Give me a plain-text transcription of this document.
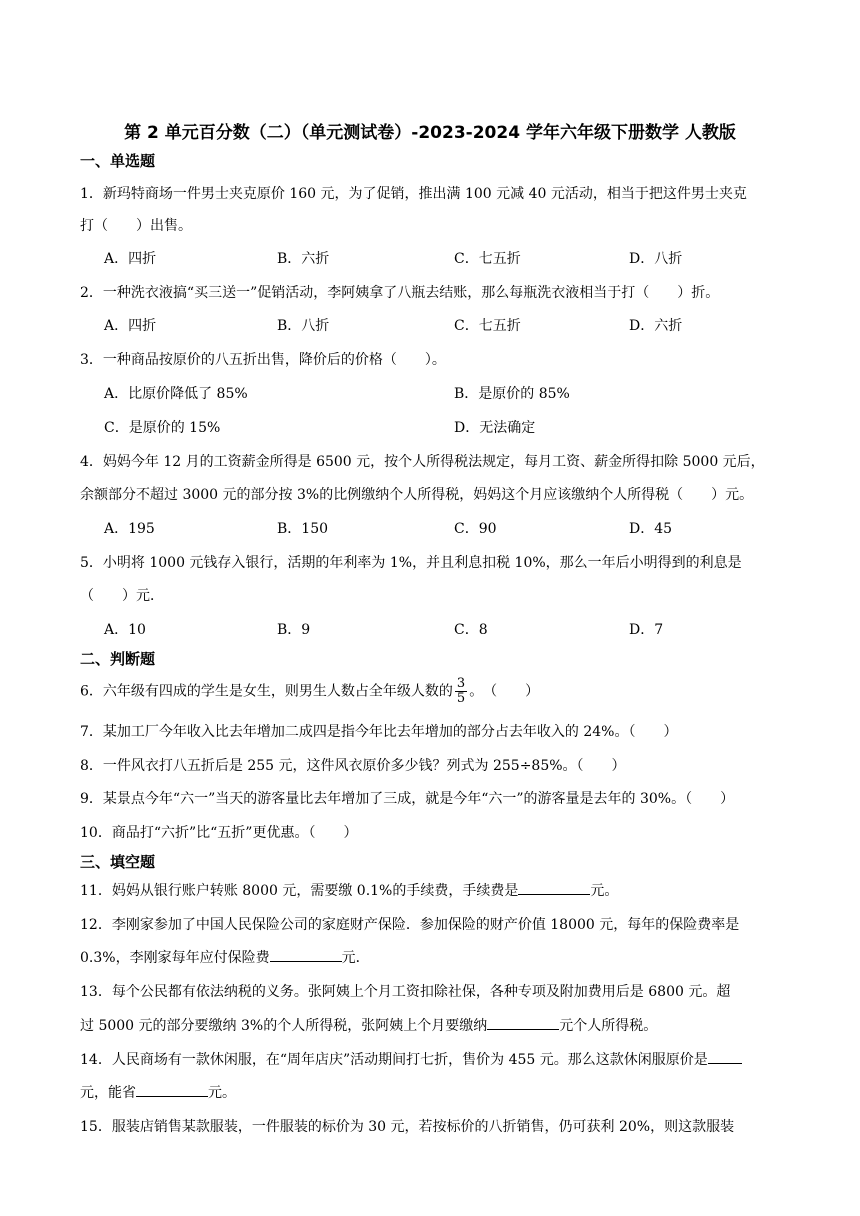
第 2 单元百分数（二）（单元测试卷）-2023-2024 学年六年级下册数学 人教版
一、单选题
1．新玛特商场一件男士夹克原价 160 元，为了促销，推出满 100 元减 40 元活动，相当于把这件男士夹克
打（　　）出售。
A．四折	B．六折	C．七五折	D．八折
2．一种洗衣液搞“买三送一”促销活动，李阿姨拿了八瓶去结账，那么每瓶洗衣液相当于打（　　）折。
A．四折	B．八折	C．七五折	D．六折
3．一种商品按原价的八五折出售，降价后的价格（　　）。
A．比原价降低了 85%	B．是原价的 85%
C．是原价的 15%	D．无法确定
4．妈妈今年 12 月的工资薪金所得是 6500 元，按个人所得税法规定，每月工资、薪金所得扣除 5000 元后，
余额部分不超过 3000 元的部分按 3%的比例缴纳个人所得税，妈妈这个月应该缴纳个人所得税（　　）元。
A．195	B．150	C．90	D．45
5．小明将 1000 元钱存入银行，活期的年利率为 1%，并且利息扣税 10%，那么一年后小明得到的利息是
（　　）元．
A．10	B．9	C．8	D．7
二、判断题
6．六年级有四成的学生是女生，则男生人数占全年级人数的 $\frac{3}{5}$ 。　（　　）
7．某加工厂今年收入比去年增加二成四是指今年比去年增加的部分占去年收入的 24%。（　　）
8．一件风衣打八五折后是 255 元，这件风衣原价多少钱？列式为 255÷85%。（　　）
9．某景点今年“六一”当天的游客量比去年增加了三成，就是今年“六一”的游客量是去年的 30%。（　　）
10．商品打“六折”比“五折”更优惠。（　　）
三、填空题
11．妈妈从银行账户转账 8000 元，需要缴 0.1%的手续费，手续费是	元。
12．李刚家参加了中国人民保险公司的家庭财产保险．参加保险的财产价值 18000 元，每年的保险费率是
0.3%，李刚家每年应付保险费	元．
13．每个公民都有依法纳税的义务。张阿姨上个月工资扣除社保，各种专项及附加费用后是 6800 元。超
过 5000 元的部分要缴纳 3%的个人所得税，张阿姨上个月要缴纳	元个人所得税。
14．人民商场有一款休闲服，在“周年店庆”活动期间打七折，售价为 455 元。那么这款休闲服原价是
元，能省	元。
15．服装店销售某款服装，一件服装的标价为 30 元，若按标价的八折销售，仍可获利 20%，则这款服装
